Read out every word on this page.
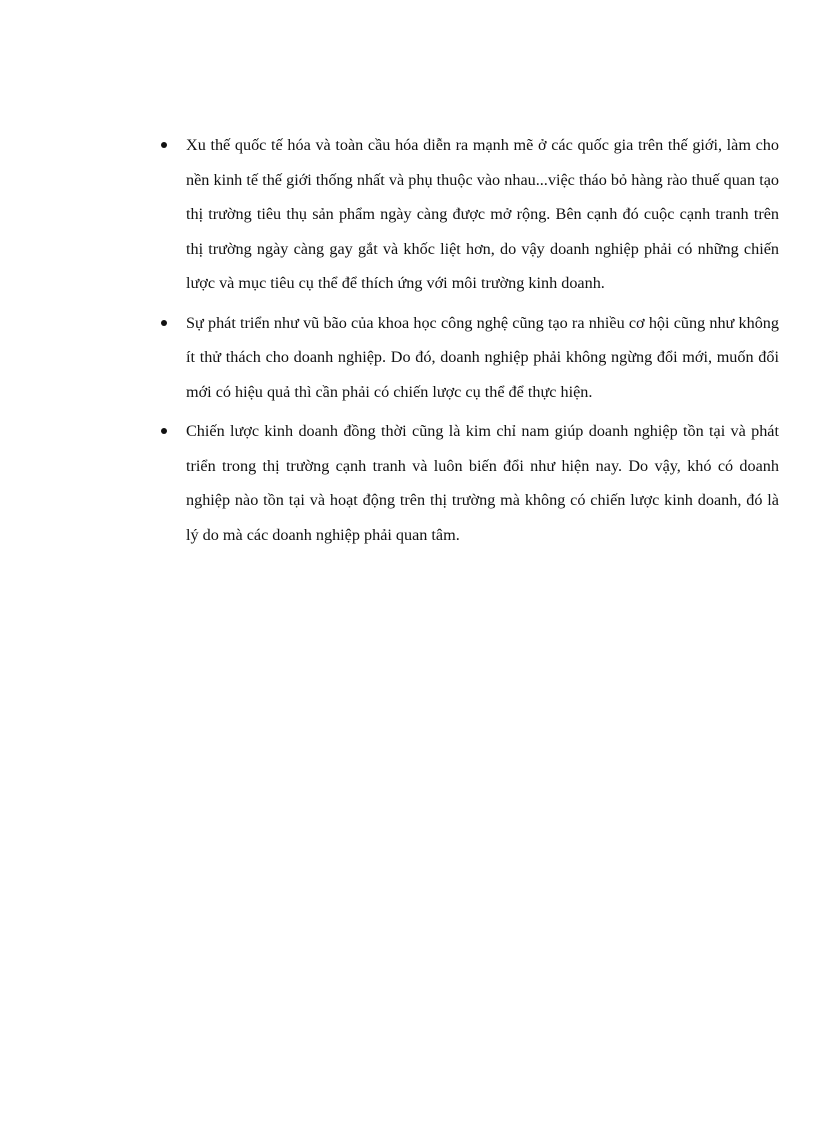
Xu thế quốc tế hóa và toàn cầu hóa diễn ra mạnh mẽ ở các quốc gia trên thế giới, làm cho nền kinh tế thế giới thống nhất và phụ thuộc vào nhau...việc tháo bỏ hàng rào thuế quan tạo thị trường tiêu thụ sản phẩm ngày càng được mở rộng. Bên cạnh đó cuộc cạnh tranh trên thị trường ngày càng gay gắt và khốc liệt hơn, do vậy doanh nghiệp phải có những chiến lược và mục tiêu cụ thể để thích ứng với môi trường kinh doanh.
Sự phát triển như vũ bão của khoa học công nghệ cũng tạo ra nhiều cơ hội cũng như không ít thử thách cho doanh nghiệp. Do đó, doanh nghiệp phải không ngừng đổi mới, muốn đổi mới có hiệu quả thì cần phải có chiến lược cụ thể để thực hiện.
Chiến lược kinh doanh đồng thời cũng là kim chỉ nam giúp doanh nghiệp tồn tại và phát triển trong thị trường cạnh tranh và luôn biến đổi như hiện nay. Do vậy, khó có doanh nghiệp nào tồn tại và hoạt động trên thị trường mà không có chiến lược kinh doanh, đó là lý do mà các doanh nghiệp phải quan tâm.
